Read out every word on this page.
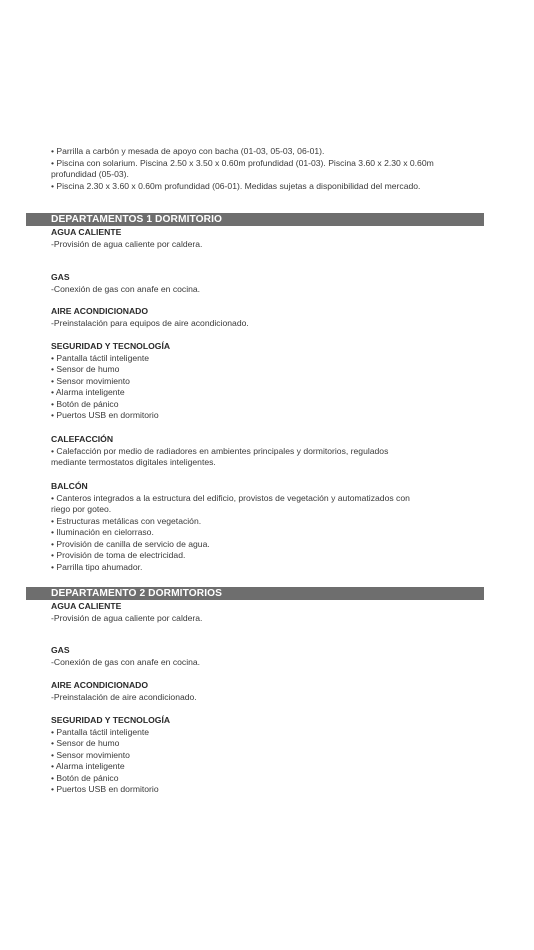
• Parrilla a carbón y mesada de apoyo con bacha (01-03, 05-03, 06-01).
• Piscina con solarium. Piscina 2.50 x 3.50 x 0.60m profundidad (01-03). Piscina 3.60 x 2.30 x 0.60m
profundidad (05-03).
• Piscina 2.30 x 3.60 x 0.60m profundidad (06-01). Medidas sujetas a disponibilidad del mercado.
DEPARTAMENTOS 1 DORMITORIO
AGUA CALIENTE
-Provisión de agua caliente por caldera.
GAS
-Conexión de gas con anafe en cocina.
AIRE ACONDICIONADO
-Preinstalación para equipos de aire acondicionado.
SEGURIDAD Y TECNOLOGÍA
• Pantalla táctil inteligente
• Sensor de humo
• Sensor movimiento
• Alarma inteligente
• Botón de pánico
• Puertos USB en dormitorio
CALEFACCIÓN
• Calefacción por medio de radiadores en ambientes principales y dormitorios, regulados
mediante termostatos digitales inteligentes.
BALCÓN
• Canteros integrados a la estructura del edificio, provistos de vegetación y automatizados con
riego por goteo.
• Estructuras metálicas con vegetación.
• Iluminación en cielorraso.
• Provisión de canilla de servicio de agua.
• Provisión de toma de electricidad.
• Parrilla tipo ahumador.
DEPARTAMENTO 2 DORMITORIOS
AGUA CALIENTE
-Provisión de agua caliente por caldera.
GAS
-Conexión de gas con anafe en cocina.
AIRE ACONDICIONADO
-Preinstalación de aire acondicionado.
SEGURIDAD Y TECNOLOGÍA
• Pantalla táctil inteligente
• Sensor de humo
• Sensor movimiento
• Alarma inteligente
• Botón de pánico
• Puertos USB en dormitorio
